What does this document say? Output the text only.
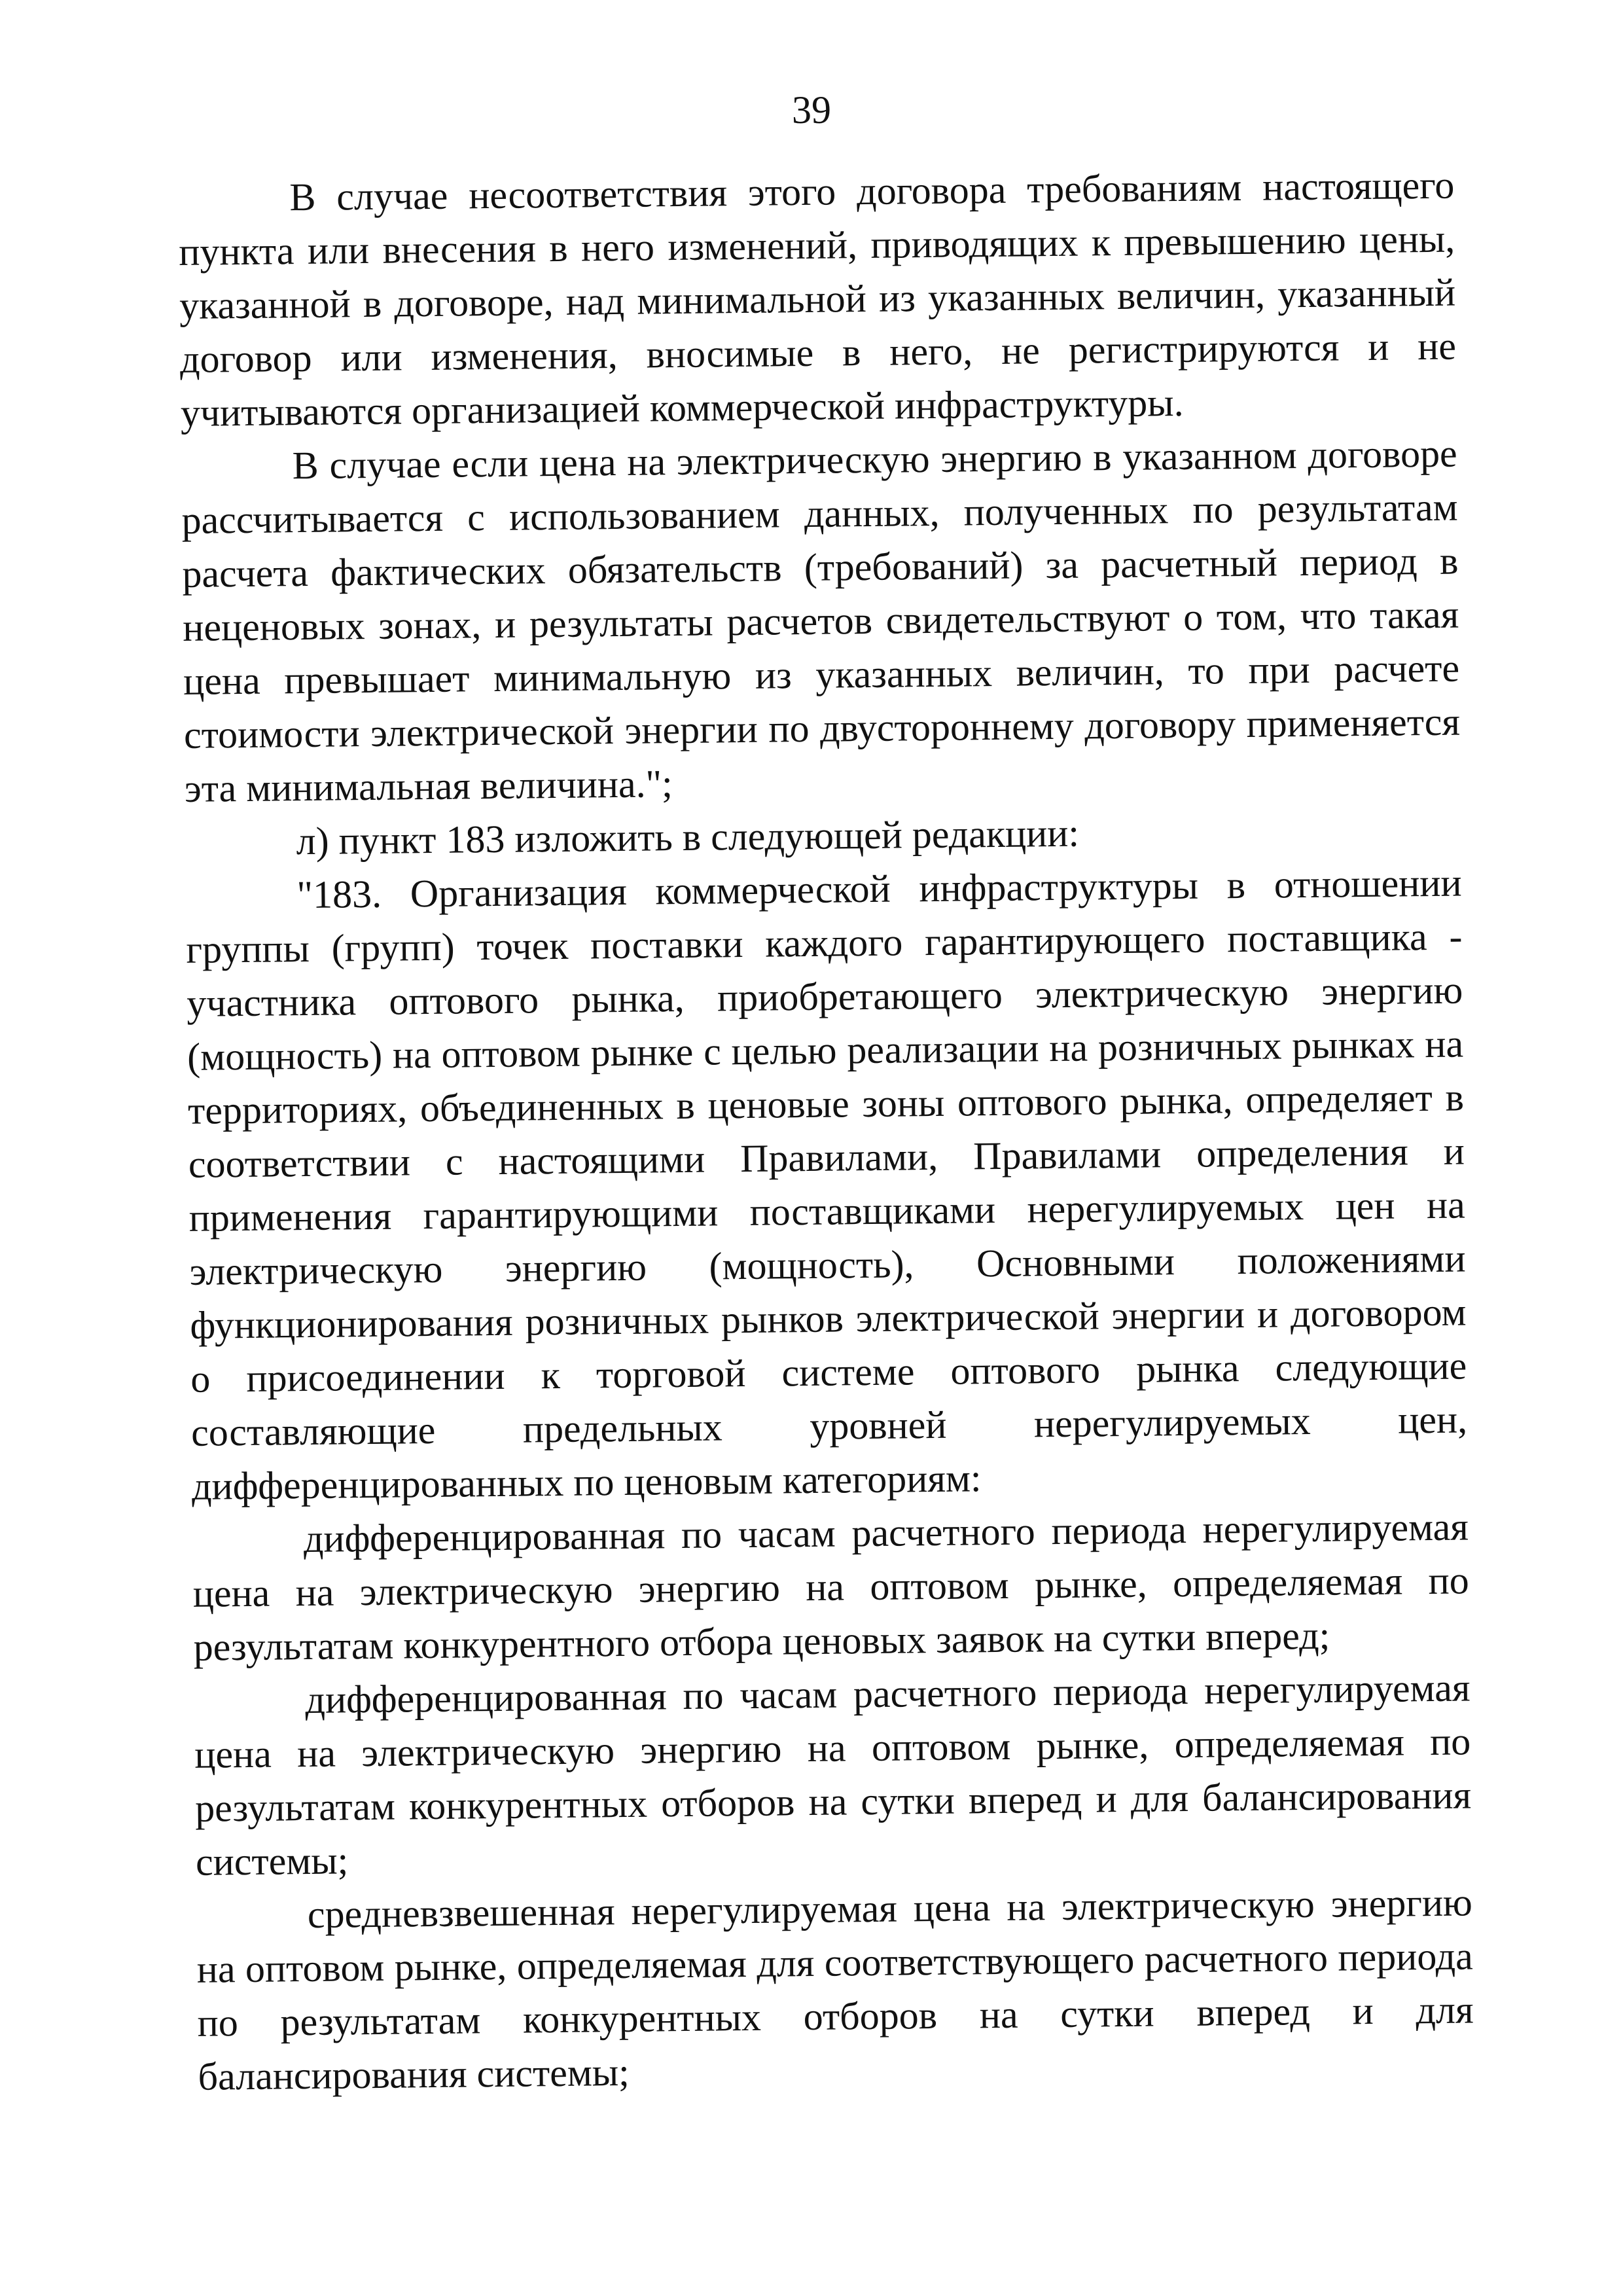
39

В случае несоответствия этого договора требованиям настоящего пункта или внесения в него изменений, приводящих к превышению цены, указанной в договоре, над минимальной из указанных величин, указанный договор или изменения, вносимые в него, не регистрируются и не учитываются организацией коммерческой инфраструктуры.

В случае если цена на электрическую энергию в указанном договоре рассчитывается с использованием данных, полученных по результатам расчета фактических обязательств (требований) за расчетный период в неценовых зонах, и результаты расчетов свидетельствуют о том, что такая цена превышает минимальную из указанных величин, то при расчете стоимости электрической энергии по двустороннему договору применяется эта минимальная величина.";

л) пункт 183 изложить в следующей редакции:

"183. Организация коммерческой инфраструктуры в отношении группы (групп) точек поставки каждого гарантирующего поставщика - участника оптового рынка, приобретающего электрическую энергию (мощность) на оптовом рынке с целью реализации на розничных рынках на территориях, объединенных в ценовые зоны оптового рынка, определяет в соответствии с настоящими Правилами, Правилами определения и применения гарантирующими поставщиками нерегулируемых цен на электрическую энергию (мощность), Основными положениями функционирования розничных рынков электрической энергии и договором о присоединении к торговой системе оптового рынка следующие составляющие предельных уровней нерегулируемых цен, дифференцированных по ценовым категориям:

дифференцированная по часам расчетного периода нерегулируемая цена на электрическую энергию на оптовом рынке, определяемая по результатам конкурентного отбора ценовых заявок на сутки вперед;

дифференцированная по часам расчетного периода нерегулируемая цена на электрическую энергию на оптовом рынке, определяемая по результатам конкурентных отборов на сутки вперед и для балансирования системы;

средневзвешенная нерегулируемая цена на электрическую энергию на оптовом рынке, определяемая для соответствующего расчетного периода по результатам конкурентных отборов на сутки вперед и для балансирования системы;
